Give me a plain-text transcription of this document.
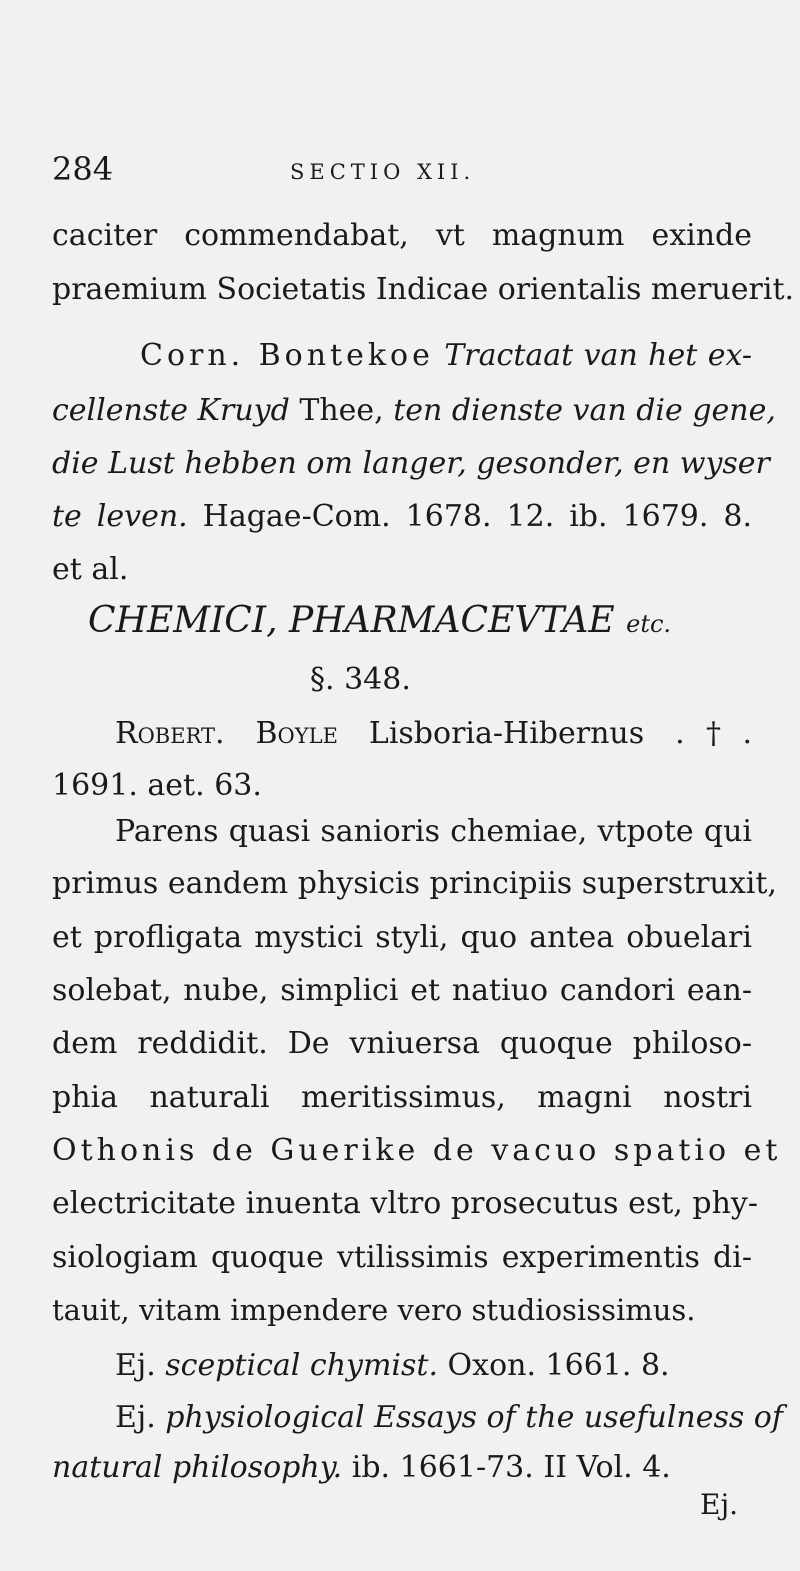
284	SECTIO XII.
caciter commendabat, vt magnum exinde
praemium Societatis Indicae orientalis meruerit.
Corn. Bontekoe Tractaat van het ex-
cellenste Kruyd Thee, ten dienste van die gene,
die Lust hebben om langer, gesonder, en wyser
te leven. Hagae-Com. 1678. 12. ib. 1679. 8.
et al.
CHEMICI, PHARMACEVTAE etc.
§. 348.
Robert. Boyle Lisboria-Hibernus .†.
1691. aet. 63.
Parens quasi sanioris chemiae, vtpote qui
primus eandem physicis principiis superstruxit,
et profligata mystici styli, quo antea obuelari
solebat, nube, simplici et natiuo candori ean-
dem reddidit. De vniuersa quoque philoso-
phia naturali meritissimus, magni nostri
Othonis de Guerike de vacuo spatio et
electricitate inuenta vltro prosecutus est, phy-
siologiam quoque vtilissimis experimentis di-
tauit, vitam impendere vero studiosissimus.
Ej. sceptical chymist. Oxon. 1661. 8.
Ej. physiological Essays of the usefulness of
natural philosophy. ib. 1661-73. II Vol. 4.
Ej.
